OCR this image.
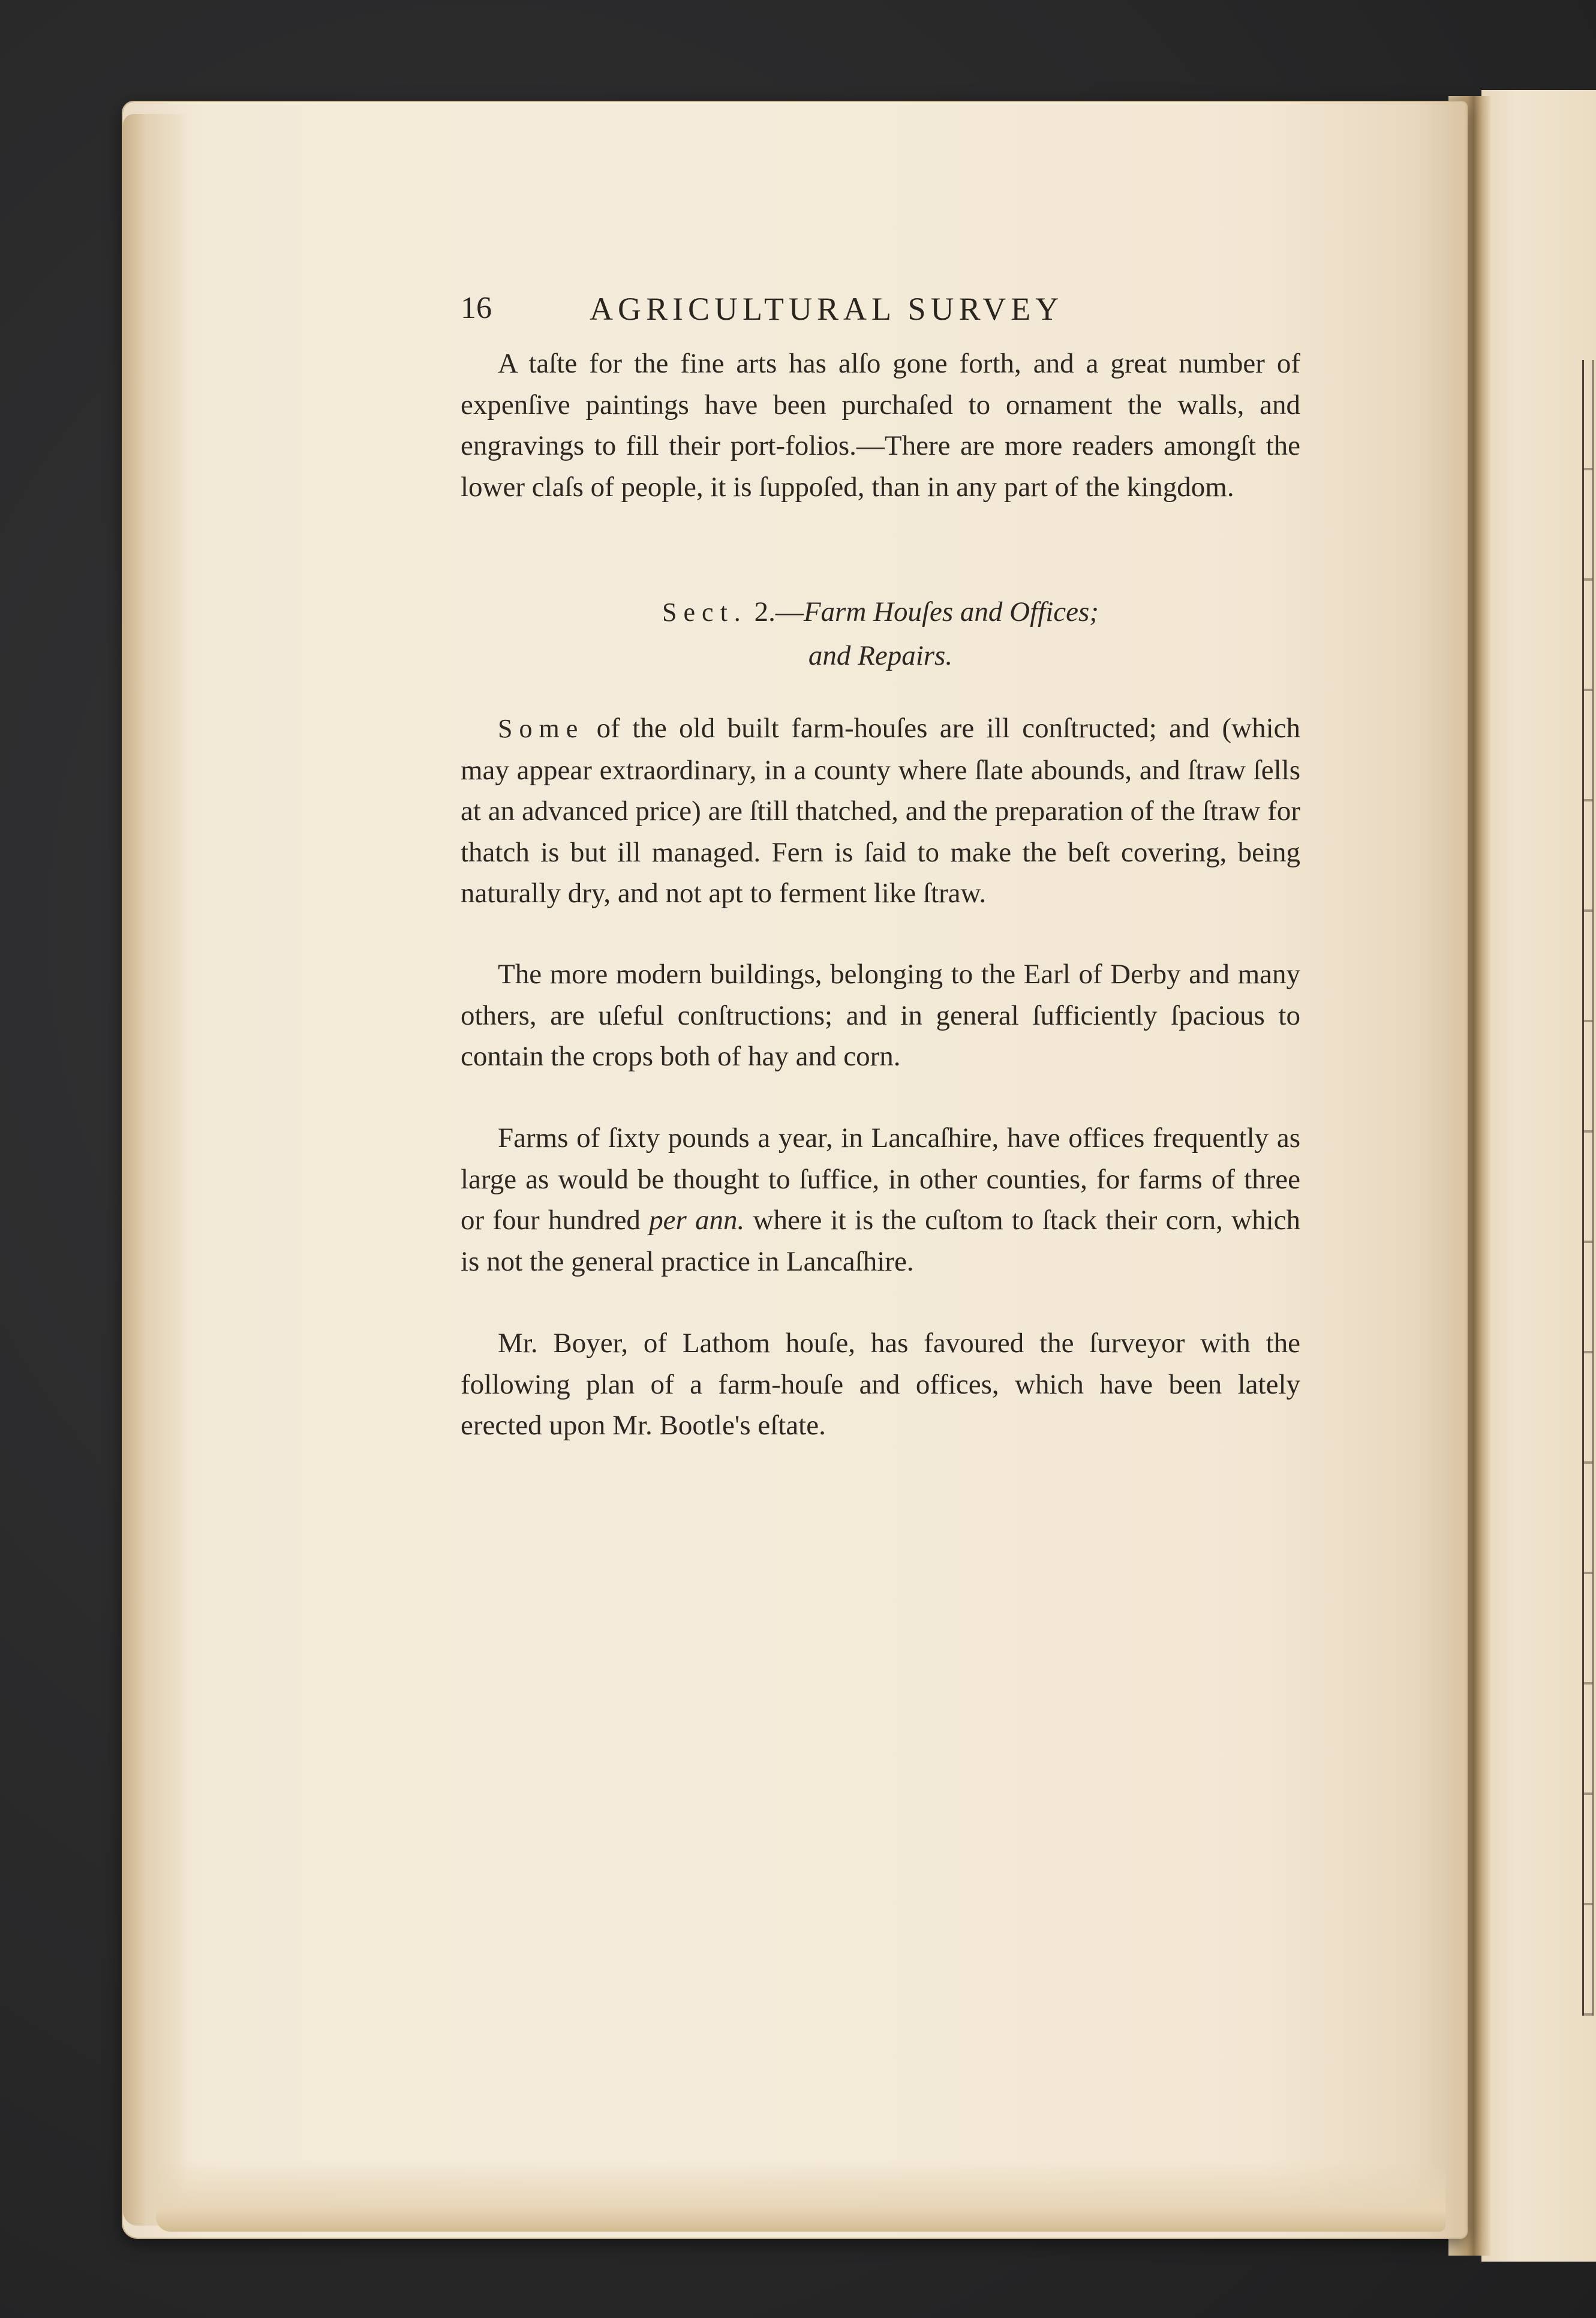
16	AGRICULTURAL SURVEY
A taſte for the fine arts has alſo gone forth, and a great number of expenſive paintings have been purchaſed to ornament the walls, and engravings to fill their port-folios.—There are more readers amongſt the lower claſs of people, it is ſuppoſed, than in any part of the kingdom.
Sect. 2.—Farm Houſes and Offices;
and Repairs.
Some of the old built farm-houſes are ill conſtructed; and (which may appear extraordinary, in a county where ſlate abounds, and ſtraw ſells at an advanced price) are ſtill thatched, and the preparation of the ſtraw for thatch is but ill managed. Fern is ſaid to make the beſt covering, being naturally dry, and not apt to ferment like ſtraw.
The more modern buildings, belonging to the Earl of Derby and many others, are uſeful conſtructions; and in general ſufficiently ſpacious to contain the crops both of hay and corn.
Farms of ſixty pounds a year, in Lancaſhire, have offices frequently as large as would be thought to ſuffice, in other counties, for farms of three or four hundred per ann. where it is the cuſtom to ſtack their corn, which is not the general practice in Lancaſhire.
Mr. Boyer, of Lathom houſe, has favoured the ſurveyor with the following plan of a farm-houſe and offices, which have been lately erected upon Mr. Bootle's eſtate.
